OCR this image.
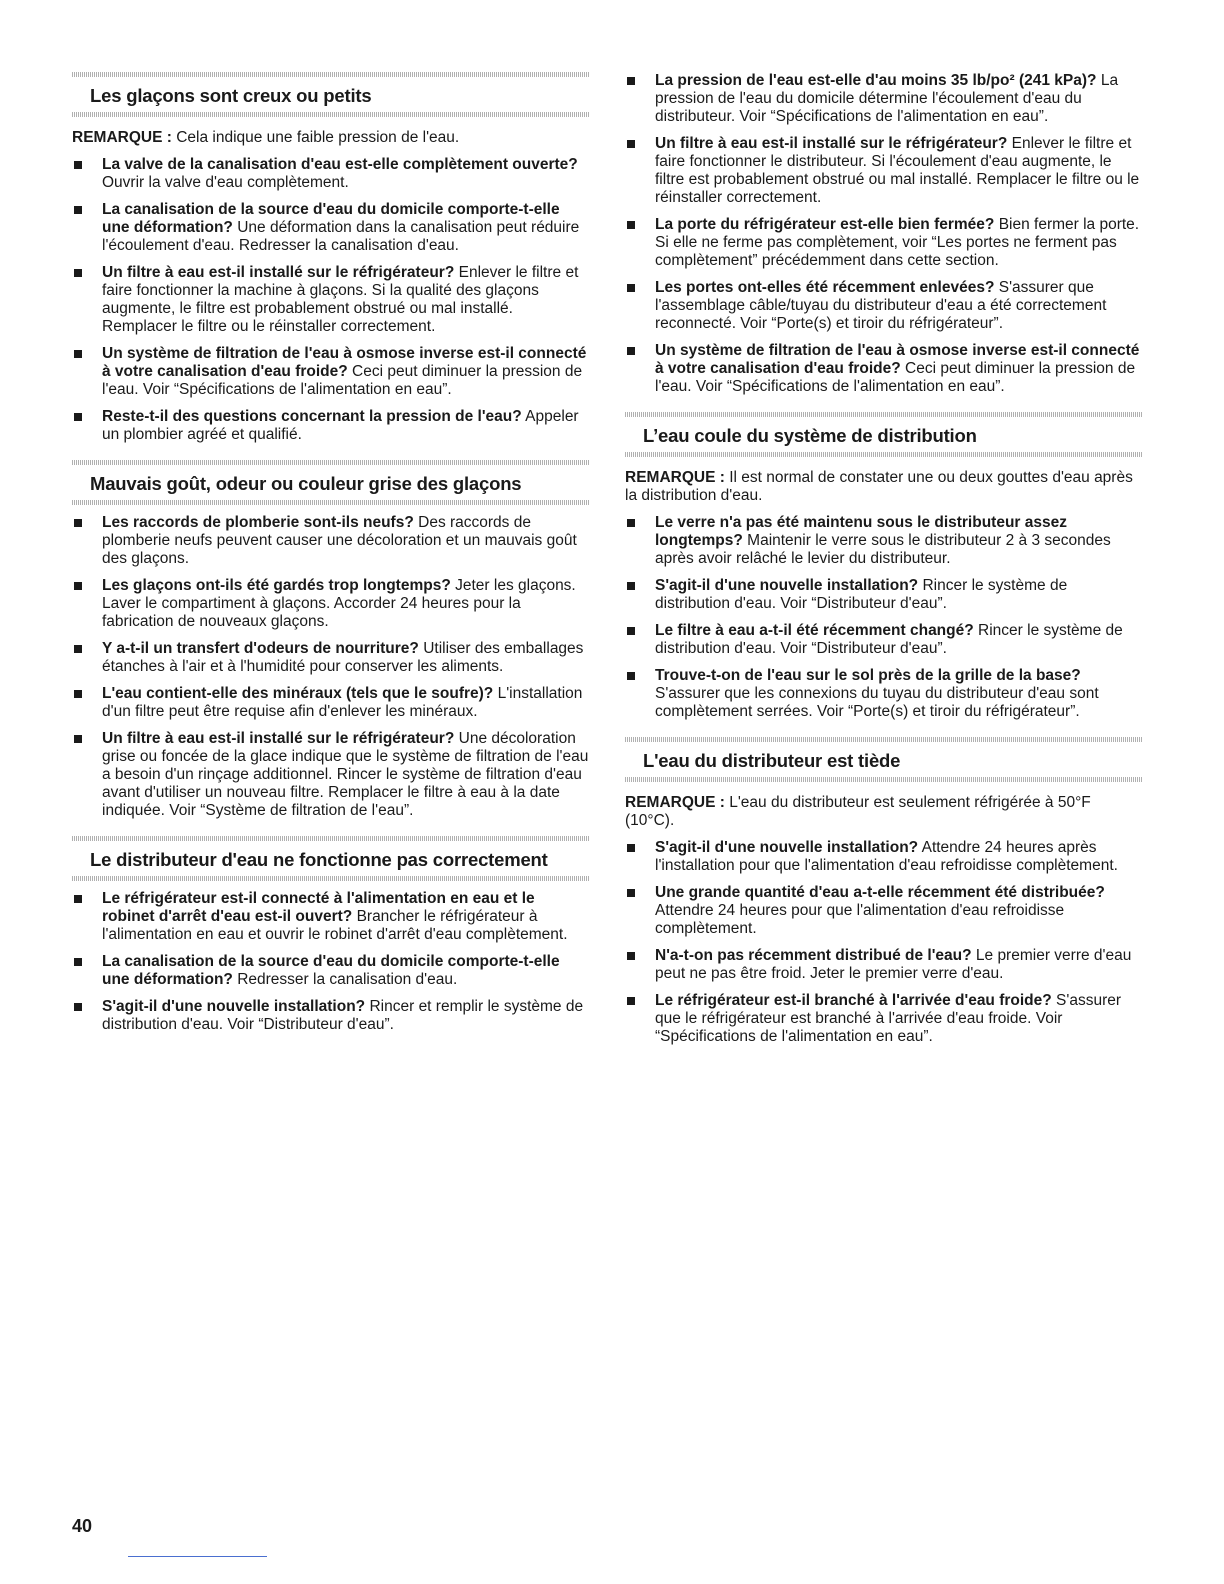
Les glaçons sont creux ou petits
REMARQUE : Cela indique une faible pression de l'eau.
La valve de la canalisation d'eau est-elle complètement ouverte? Ouvrir la valve d'eau complètement.
La canalisation de la source d'eau du domicile comporte-t-elle une déformation? Une déformation dans la canalisation peut réduire l'écoulement d'eau. Redresser la canalisation d'eau.
Un filtre à eau est-il installé sur le réfrigérateur? Enlever le filtre et faire fonctionner la machine à glaçons. Si la qualité des glaçons augmente, le filtre est probablement obstrué ou mal installé. Remplacer le filtre ou le réinstaller correctement.
Un système de filtration de l'eau à osmose inverse est-il connecté à votre canalisation d'eau froide? Ceci peut diminuer la pression de l'eau. Voir “Spécifications de l'alimentation en eau”.
Reste-t-il des questions concernant la pression de l'eau? Appeler un plombier agréé et qualifié.
Mauvais goût, odeur ou couleur grise des glaçons
Les raccords de plomberie sont-ils neufs? Des raccords de plomberie neufs peuvent causer une décoloration et un mauvais goût des glaçons.
Les glaçons ont-ils été gardés trop longtemps? Jeter les glaçons. Laver le compartiment à glaçons. Accorder 24 heures pour la fabrication de nouveaux glaçons.
Y a-t-il un transfert d'odeurs de nourriture? Utiliser des emballages étanches à l'air et à l'humidité pour conserver les aliments.
L'eau contient-elle des minéraux (tels que le soufre)? L'installation d'un filtre peut être requise afin d'enlever les minéraux.
Un filtre à eau est-il installé sur le réfrigérateur? Une décoloration grise ou foncée de la glace indique que le système de filtration de l'eau a besoin d'un rinçage additionnel. Rincer le système de filtration d'eau avant d'utiliser un nouveau filtre. Remplacer le filtre à eau à la date indiquée. Voir “Système de filtration de l'eau”.
Le distributeur d'eau ne fonctionne pas correctement
Le réfrigérateur est-il connecté à l'alimentation en eau et le robinet d'arrêt d'eau est-il ouvert? Brancher le réfrigérateur à l'alimentation en eau et ouvrir le robinet d'arrêt d'eau complètement.
La canalisation de la source d'eau du domicile comporte-t-elle une déformation? Redresser la canalisation d'eau.
S'agit-il d'une nouvelle installation? Rincer et remplir le système de distribution d'eau. Voir “Distributeur d'eau”.
La pression de l'eau est-elle d'au moins 35 lb/po² (241 kPa)? La pression de l'eau du domicile détermine l'écoulement d'eau du distributeur. Voir “Spécifications de l'alimentation en eau”.
Un filtre à eau est-il installé sur le réfrigérateur? Enlever le filtre et faire fonctionner le distributeur. Si l'écoulement d'eau augmente, le filtre est probablement obstrué ou mal installé. Remplacer le filtre ou le réinstaller correctement.
La porte du réfrigérateur est-elle bien fermée? Bien fermer la porte. Si elle ne ferme pas complètement, voir “Les portes ne ferment pas complètement” précédemment dans cette section.
Les portes ont-elles été récemment enlevées? S'assurer que l'assemblage câble/tuyau du distributeur d'eau a été correctement reconnecté. Voir “Porte(s) et tiroir du réfrigérateur”.
Un système de filtration de l'eau à osmose inverse est-il connecté à votre canalisation d'eau froide? Ceci peut diminuer la pression de l'eau. Voir “Spécifications de l'alimentation en eau”.
L’eau coule du système de distribution
REMARQUE : Il est normal de constater une ou deux gouttes d'eau après la distribution d'eau.
Le verre n'a pas été maintenu sous le distributeur assez longtemps? Maintenir le verre sous le distributeur 2 à 3 secondes après avoir relâché le levier du distributeur.
S'agit-il d'une nouvelle installation? Rincer le système de distribution d'eau. Voir “Distributeur d'eau”.
Le filtre à eau a-t-il été récemment changé? Rincer le système de distribution d'eau. Voir “Distributeur d'eau”.
Trouve-t-on de l'eau sur le sol près de la grille de la base? S'assurer que les connexions du tuyau du distributeur d'eau sont complètement serrées. Voir “Porte(s) et tiroir du réfrigérateur”.
L'eau du distributeur est tiède
REMARQUE : L'eau du distributeur est seulement réfrigérée à 50°F (10°C).
S'agit-il d'une nouvelle installation? Attendre 24 heures après l'installation pour que l'alimentation d'eau refroidisse complètement.
Une grande quantité d'eau a-t-elle récemment été distribuée? Attendre 24 heures pour que l'alimentation d'eau refroidisse complètement.
N'a-t-on pas récemment distribué de l'eau? Le premier verre d'eau peut ne pas être froid. Jeter le premier verre d'eau.
Le réfrigérateur est-il branché à l'arrivée d'eau froide? S'assurer que le réfrigérateur est branché à l'arrivée d'eau froide. Voir “Spécifications de l'alimentation en eau”.
40
